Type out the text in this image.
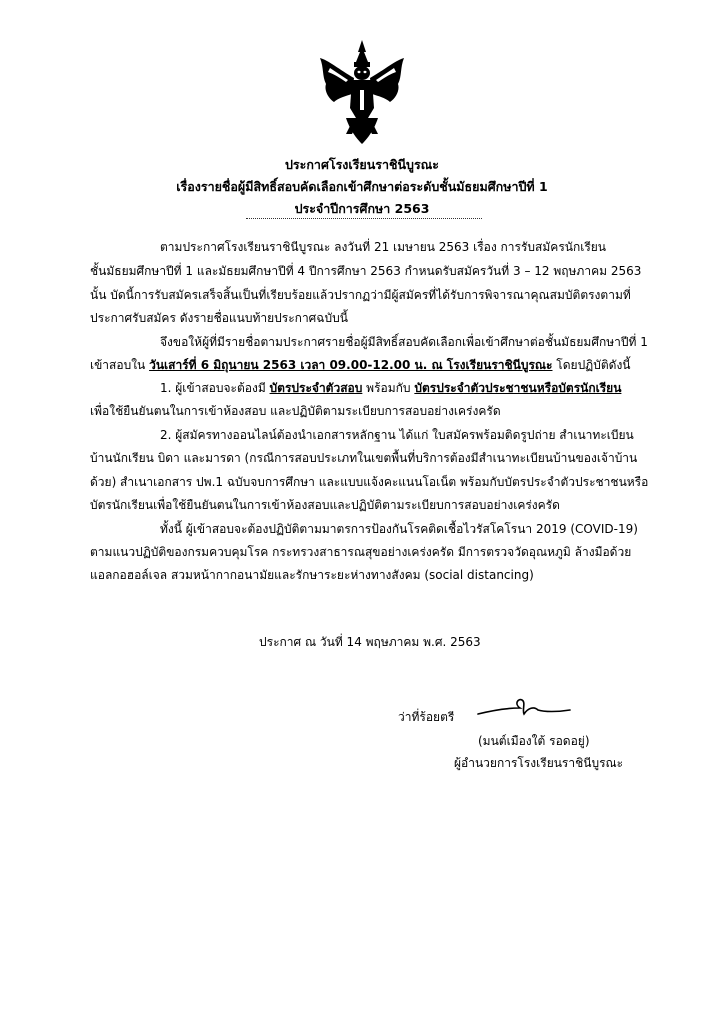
ประกาศโรงเรียนราชินีบูรณะ
เรื่องรายชื่อผู้มีสิทธิ์สอบคัดเลือกเข้าศึกษาต่อระดับชั้นมัธยมศึกษาปีที่ 1
ประจำปีการศึกษา 2563
ตามประกาศโรงเรียนราชินีบูรณะ ลงวันที่ 21 เมษายน 2563 เรื่อง การรับสมัครนักเรียน
ชั้นมัธยมศึกษาปีที่ 1 และมัธยมศึกษาปีที่ 4 ปีการศึกษา 2563 กำหนดรับสมัครวันที่ 3 – 12 พฤษภาคม 2563
นั้น บัดนี้การรับสมัครเสร็จสิ้นเป็นที่เรียบร้อยแล้วปรากฏว่ามีผู้สมัครที่ได้รับการพิจารณาคุณสมบัติตรงตามที่
ประกาศรับสมัคร ดังรายชื่อแนบท้ายประกาศฉบับนี้
จึงขอให้ผู้ที่มีรายชื่อตามประกาศรายชื่อผู้มีสิทธิ์สอบคัดเลือกเพื่อเข้าศึกษาต่อชั้นมัธยมศึกษาปีที่ 1
เข้าสอบใน วันเสาร์ที่ 6 มิถุนายน 2563 เวลา 09.00-12.00 น. ณ โรงเรียนราชินีบูรณะ โดยปฏิบัติดังนี้
1. ผู้เข้าสอบจะต้องมี บัตรประจำตัวสอบ พร้อมกับ บัตรประจำตัวประชาชนหรือบัตรนักเรียน
เพื่อใช้ยืนยันตนในการเข้าห้องสอบ และปฏิบัติตามระเบียบการสอบอย่างเคร่งครัด
2. ผู้สมัครทางออนไลน์ต้องนำเอกสารหลักฐาน ได้แก่ ใบสมัครพร้อมติดรูปถ่าย สำเนาทะเบียน
บ้านนักเรียน บิดา และมารดา (กรณีการสอบประเภทในเขตพื้นที่บริการต้องมีสำเนาทะเบียนบ้านของเจ้าบ้าน
ด้วย) สำเนาเอกสาร ปพ.1 ฉบับจบการศึกษา และแบบแจ้งคะแนนโอเน็ต พร้อมกับบัตรประจำตัวประชาชนหรือ
บัตรนักเรียนเพื่อใช้ยืนยันตนในการเข้าห้องสอบและปฏิบัติตามระเบียบการสอบอย่างเคร่งครัด
ทั้งนี้ ผู้เข้าสอบจะต้องปฏิบัติตามมาตรการป้องกันโรคติดเชื้อไวรัสโคโรนา 2019 (COVID-19)
ตามแนวปฏิบัติของกรมควบคุมโรค กระทรวงสาธารณสุขอย่างเคร่งครัด มีการตรวจวัดอุณหภูมิ ล้างมือด้วย
แอลกอฮอล์เจล สวมหน้ากากอนามัยและรักษาระยะห่างทางสังคม (social distancing)
ประกาศ ณ วันที่ 14 พฤษภาคม พ.ศ. 2563
ว่าที่ร้อยตรี
(มนต์เมืองใต้ รอดอยู่)
ผู้อำนวยการโรงเรียนราชินีบูรณะ
